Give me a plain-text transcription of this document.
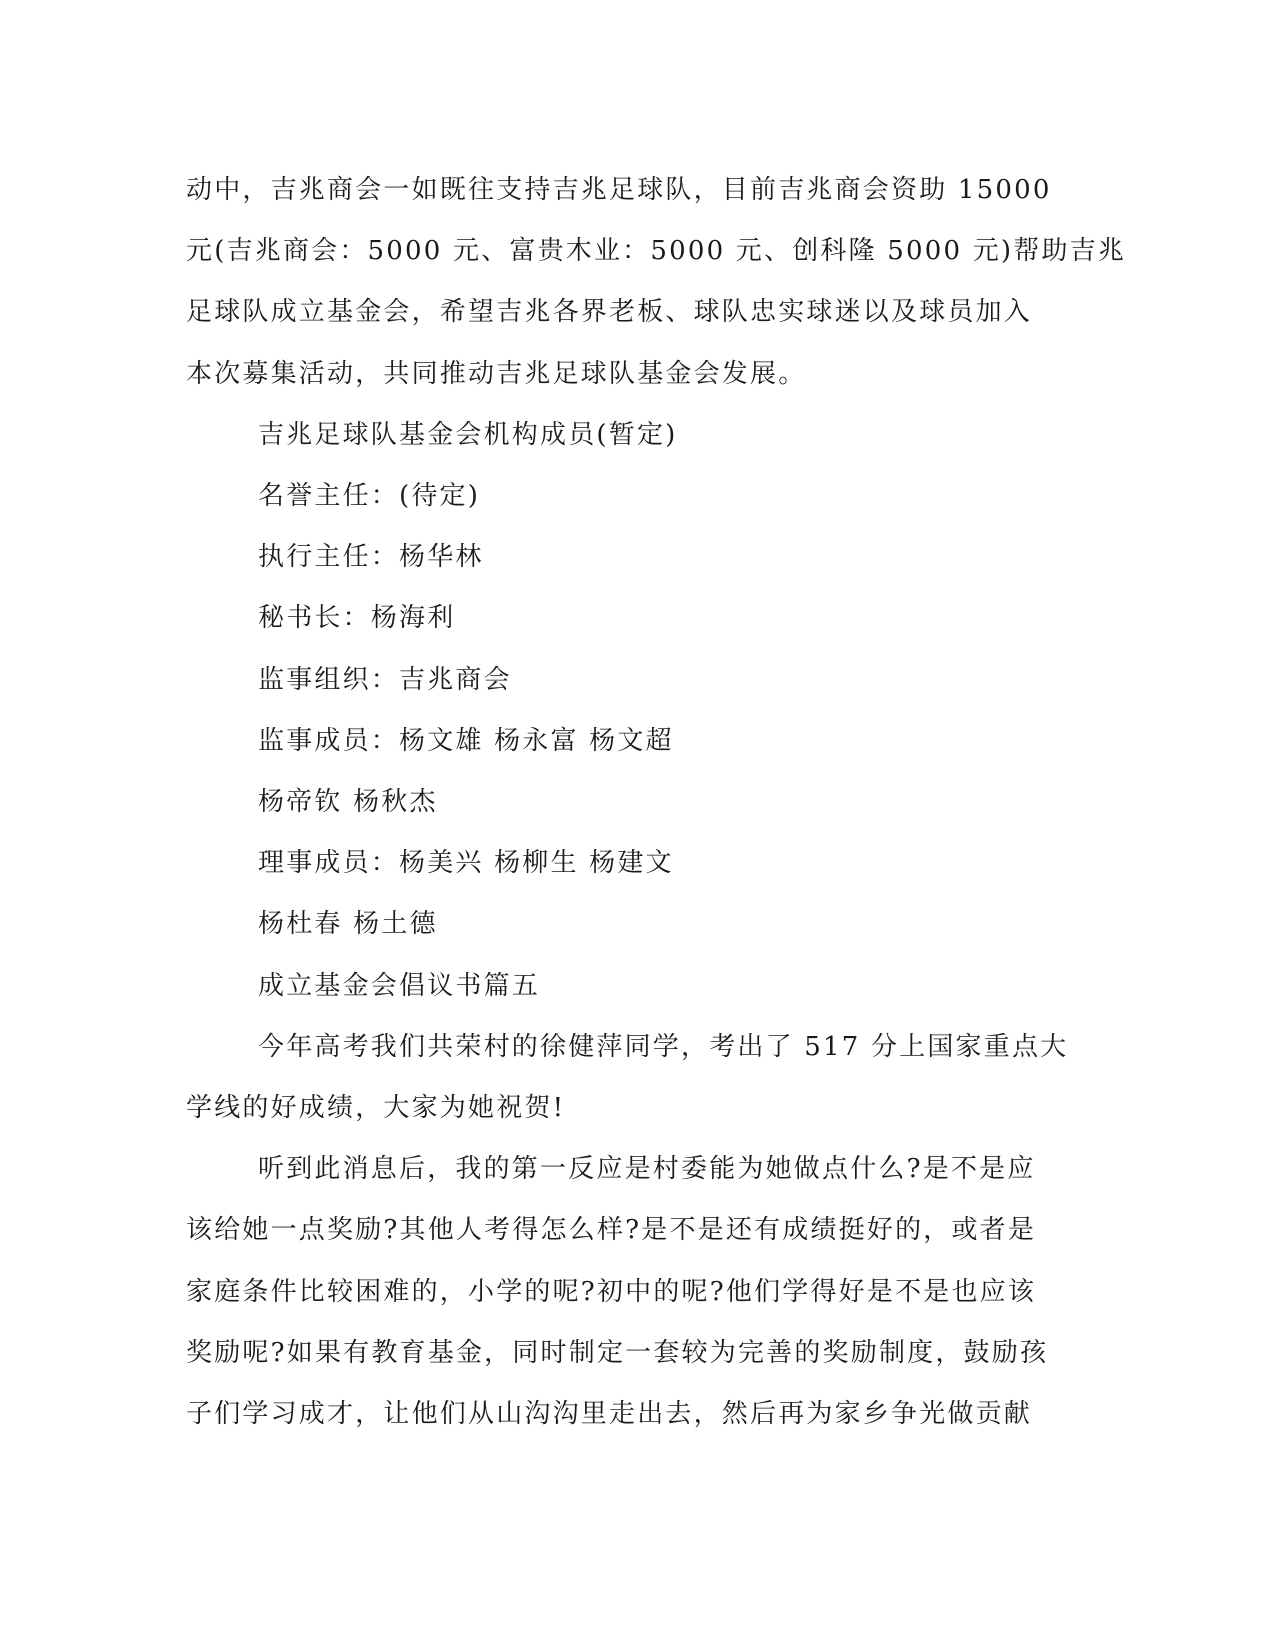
动中，吉兆商会一如既往支持吉兆足球队，目前吉兆商会资助 15000

元(吉兆商会：5000 元、富贵木业：5000 元、创科隆 5000 元)帮助吉兆

足球队成立基金会，希望吉兆各界老板、球队忠实球迷以及球员加入

本次募集活动，共同推动吉兆足球队基金会发展。

吉兆足球队基金会机构成员(暂定)

名誉主任：(待定)

执行主任：杨华林

秘书长：杨海利

监事组织：吉兆商会

监事成员：杨文雄 杨永富 杨文超

杨帝钦 杨秋杰

理事成员：杨美兴 杨柳生 杨建文

杨杜春 杨土德

成立基金会倡议书篇五

今年高考我们共荣村的徐健萍同学，考出了 517 分上国家重点大

学线的好成绩，大家为她祝贺!

听到此消息后，我的第一反应是村委能为她做点什么?是不是应

该给她一点奖励?其他人考得怎么样?是不是还有成绩挺好的，或者是

家庭条件比较困难的，小学的呢?初中的呢?他们学得好是不是也应该

奖励呢?如果有教育基金，同时制定一套较为完善的奖励制度，鼓励孩

子们学习成才，让他们从山沟沟里走出去，然后再为家乡争光做贡献
